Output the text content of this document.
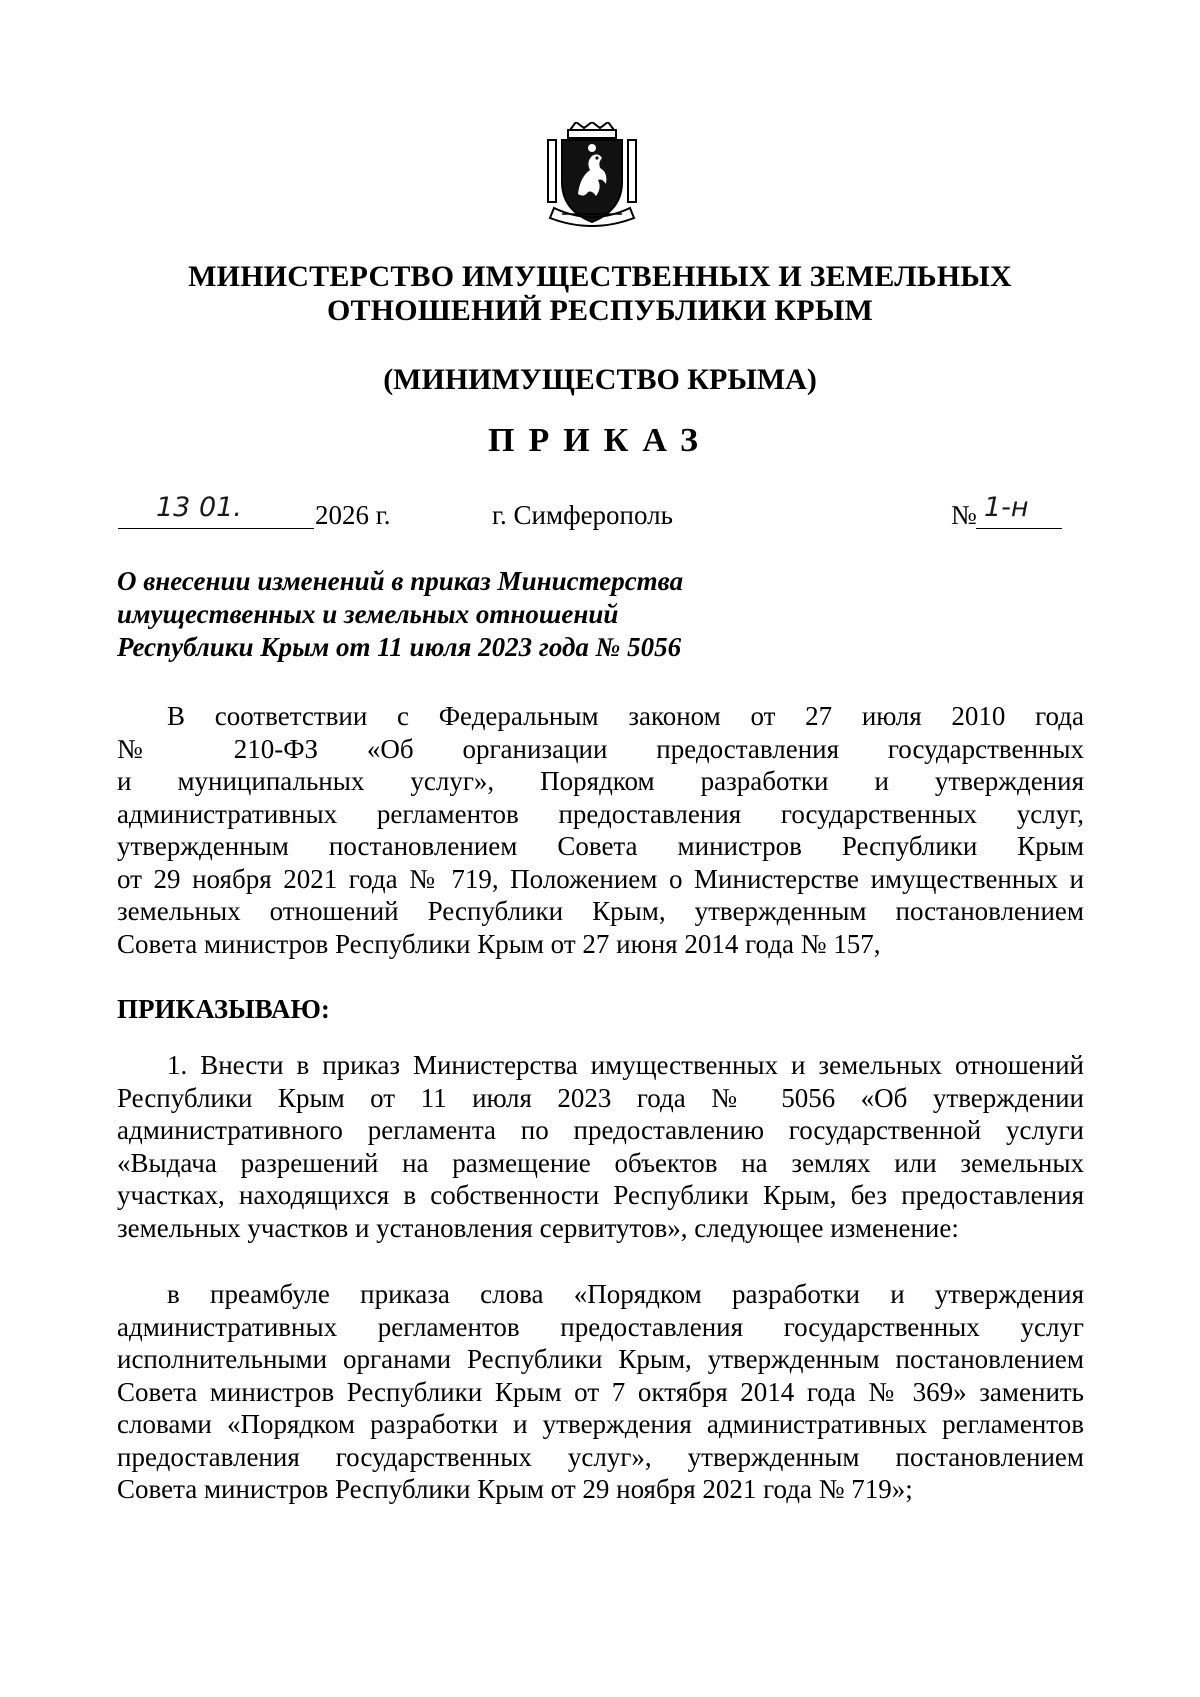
МИНИСТЕРСТВО ИМУЩЕСТВЕННЫХ И ЗЕМЕЛЬНЫХ
ОТНОШЕНИЙ РЕСПУБЛИКИ КРЫМ
(МИНИМУЩЕСТВО КРЫМА)
ПРИКАЗ
13 01.	2026 г.	г. Симферополь	№ 1-н
О внесении изменений в приказ Министерства
имущественных и земельных отношений
Республики Крым от 11 июля 2023 года № 5056
В соответствии с Федеральным законом от 27 июля 2010 года
№ 210-ФЗ «Об организации предоставления государственных
и муниципальных услуг», Порядком разработки и утверждения
административных регламентов предоставления государственных услуг,
утвержденным постановлением Совета министров Республики Крым
от 29 ноября 2021 года № 719, Положением о Министерстве имущественных и
земельных отношений Республики Крым, утвержденным постановлением
Совета министров Республики Крым от 27 июня 2014 года № 157,
ПРИКАЗЫВАЮ:
1. Внести в приказ Министерства имущественных и земельных отношений
Республики Крым от 11 июля 2023 года № 5056 «Об утверждении
административного регламента по предоставлению государственной услуги
«Выдача разрешений на размещение объектов на землях или земельных
участках, находящихся в собственности Республики Крым, без предоставления
земельных участков и установления сервитутов», следующее изменение:
в преамбуле приказа слова «Порядком разработки и утверждения
административных регламентов предоставления государственных услуг
исполнительными органами Республики Крым, утвержденным постановлением
Совета министров Республики Крым от 7 октября 2014 года № 369» заменить
словами «Порядком разработки и утверждения административных регламентов
предоставления государственных услуг», утвержденным постановлением
Совета министров Республики Крым от 29 ноября 2021 года № 719»;
